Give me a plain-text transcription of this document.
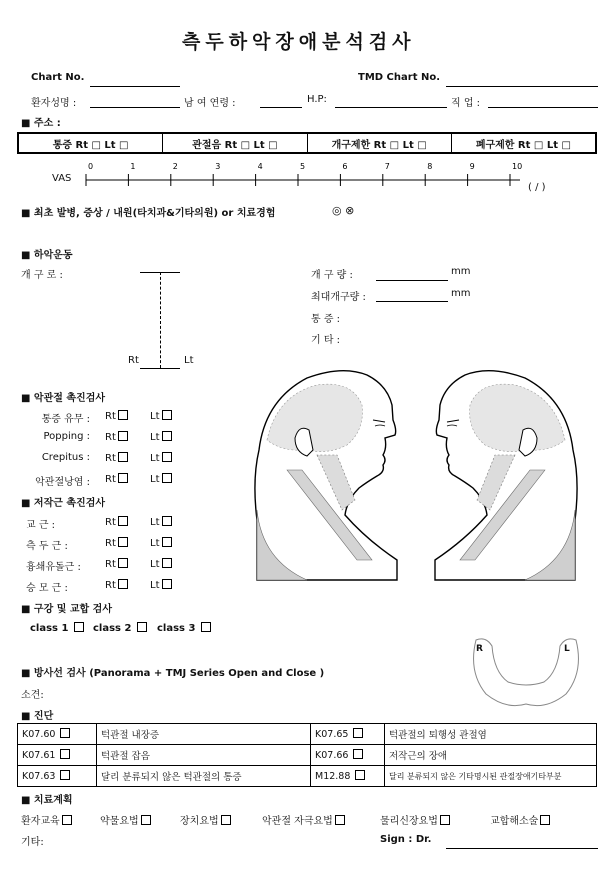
측두하악장애분석검사
Chart No.	TMD Chart No.
환자성명 :	남 여 연령 :	H.P:	직 업 :
■ 주소 :
통증 Rt □ Lt □	관절음 Rt □ Lt □	개구제한 Rt □ Lt □	폐구제한 Rt □ Lt □
VAS
0	1	2	3	4	5	6	7	8	9	10
( / )
■ 최초 발병, 증상 / 내원(타치과&기타의원) or 치료경험	◎ ⊗
■ 하악운동
개 구 로 :
Rt	Lt
개 구 량 :	mm
최대개구량 :	mm
통 증 :
기 타 :
■ 악관절 촉진검사
통증 유무 : Rt	Lt
Popping : Rt	Lt
Crepitus : Rt	Lt
악관절낭염 : Rt	Lt
■ 저작근 촉진검사
교 근 :	Rt	Lt
측 두 근 :	Rt	Lt
흉쇄유돌근 : Rt	Lt
승 모 근 :	Rt	Lt
■ 구강 및 교합 검사
class 1	class 2	class 3
R	L
■ 방사선 검사 (Panorama + TMJ Series Open and Close )
소견:
■ 진단
K07.60	턱관절 내장증	K07.65	턱관절의 퇴행성 관절염
K07.61	턱관절 잡음	K07.66	저작근의 장애
K07.63	달리 분류되지 않은 턱관절의 통증	M12.88	달리 분류되지 않은 기타명시된 관절장애기타부분
■ 치료계획
환자교육	약물요법	장치요법	악관절 자극요법	물리신장요법	교합해소술
기타:	Sign : Dr.
